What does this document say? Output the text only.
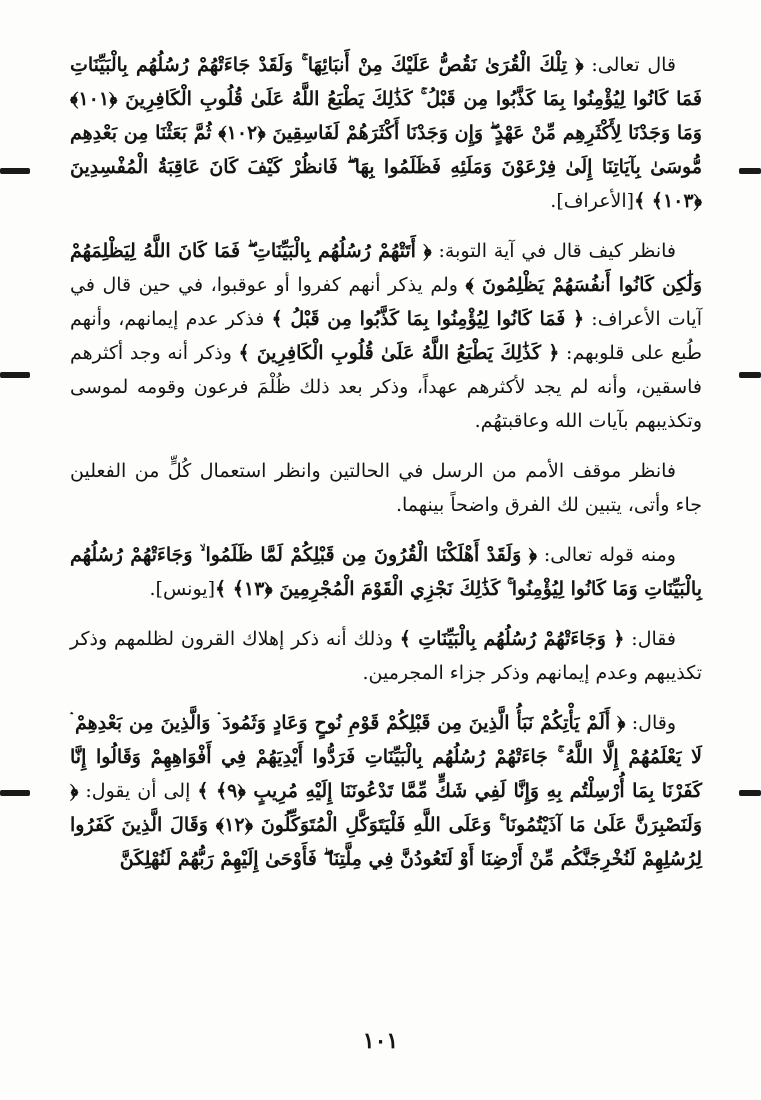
قال تعالى: ﴿ تِلْكَ الْقُرَىٰ نَقُصُّ عَلَيْكَ مِنْ أَنبَائِهَا ۚ وَلَقَدْ جَاءَتْهُمْ رُسُلُهُم بِالْبَيِّنَاتِ فَمَا كَانُوا لِيُؤْمِنُوا بِمَا كَذَّبُوا مِن قَبْلُ ۚ كَذَٰلِكَ يَطْبَعُ اللَّهُ عَلَىٰ قُلُوبِ الْكَافِرِينَ ﴿١٠١﴾ وَمَا وَجَدْنَا لِأَكْثَرِهِم مِّنْ عَهْدٍ ۖ وَإِن وَجَدْنَا أَكْثَرَهُمْ لَفَاسِقِينَ ﴿١٠٢﴾ ثُمَّ بَعَثْنَا مِن بَعْدِهِم مُّوسَىٰ بِآيَاتِنَا إِلَىٰ فِرْعَوْنَ وَمَلَئِهِ فَظَلَمُوا بِهَا ۖ فَانظُرْ كَيْفَ كَانَ عَاقِبَةُ الْمُفْسِدِينَ ﴿١٠٣﴾ ﴾[الأعراف].

فانظر كيف قال في آية التوبة: ﴿ أَتَتْهُمْ رُسُلُهُم بِالْبَيِّنَاتِ ۖ فَمَا كَانَ اللَّهُ لِيَظْلِمَهُمْ وَلَٰكِن كَانُوا أَنفُسَهُمْ يَظْلِمُونَ ﴾ ولم يذكر أنهم كفروا أو عوقبوا، في حين قال في آيات الأعراف: ﴿ فَمَا كَانُوا لِيُؤْمِنُوا بِمَا كَذَّبُوا مِن قَبْلُ ﴾ فذكر عدم إيمانهم، وأنهم طُبع على قلوبهم: ﴿ كَذَٰلِكَ يَطْبَعُ اللَّهُ عَلَىٰ قُلُوبِ الْكَافِرِينَ ﴾ وذكر أنه وجد أكثرهم فاسقين، وأنه لم يجد لأكثرهم عهداً، وذكر بعد ذلك ظُلْمَ فرعون وقومه لموسى وتكذيبهم بآيات الله وعاقبتهُم.

فانظر موقف الأمم من الرسل في الحالتين وانظر استعمال كُلٍّ من الفعلين جاء وأتى، يتبين لك الفرق واضحاً بينهما.

ومنه قوله تعالى: ﴿ وَلَقَدْ أَهْلَكْنَا الْقُرُونَ مِن قَبْلِكُمْ لَمَّا ظَلَمُوا ۙ وَجَاءَتْهُمْ رُسُلُهُم بِالْبَيِّنَاتِ وَمَا كَانُوا لِيُؤْمِنُوا ۚ كَذَٰلِكَ نَجْزِي الْقَوْمَ الْمُجْرِمِينَ ﴿١٣﴾ ﴾[يونس].

فقال: ﴿ وَجَاءَتْهُمْ رُسُلُهُم بِالْبَيِّنَاتِ ﴾ وذلك أنه ذكر إهلاك القرون لظلمهم وذكر تكذيبهم وعدم إيمانهم وذكر جزاء المجرمين.

وقال: ﴿ أَلَمْ يَأْتِكُمْ نَبَأُ الَّذِينَ مِن قَبْلِكُمْ قَوْمِ نُوحٍ وَعَادٍ وَثَمُودَ ۛ وَالَّذِينَ مِن بَعْدِهِمْ ۛ لَا يَعْلَمُهُمْ إِلَّا اللَّهُ ۚ جَاءَتْهُمْ رُسُلُهُم بِالْبَيِّنَاتِ فَرَدُّوا أَيْدِيَهُمْ فِي أَفْوَاهِهِمْ وَقَالُوا إِنَّا كَفَرْنَا بِمَا أُرْسِلْتُم بِهِ وَإِنَّا لَفِي شَكٍّ مِّمَّا تَدْعُونَنَا إِلَيْهِ مُرِيبٍ ﴿٩﴾ ﴾ إلى أن يقول: ﴿ وَلَنَصْبِرَنَّ عَلَىٰ مَا آذَيْتُمُونَا ۚ وَعَلَى اللَّهِ فَلْيَتَوَكَّلِ الْمُتَوَكِّلُونَ ﴿١٢﴾ وَقَالَ الَّذِينَ كَفَرُوا لِرُسُلِهِمْ لَنُخْرِجَنَّكُم مِّنْ أَرْضِنَا أَوْ لَتَعُودُنَّ فِي مِلَّتِنَا ۖ فَأَوْحَىٰ إِلَيْهِمْ رَبُّهُمْ لَنُهْلِكَنَّ

١٠١
